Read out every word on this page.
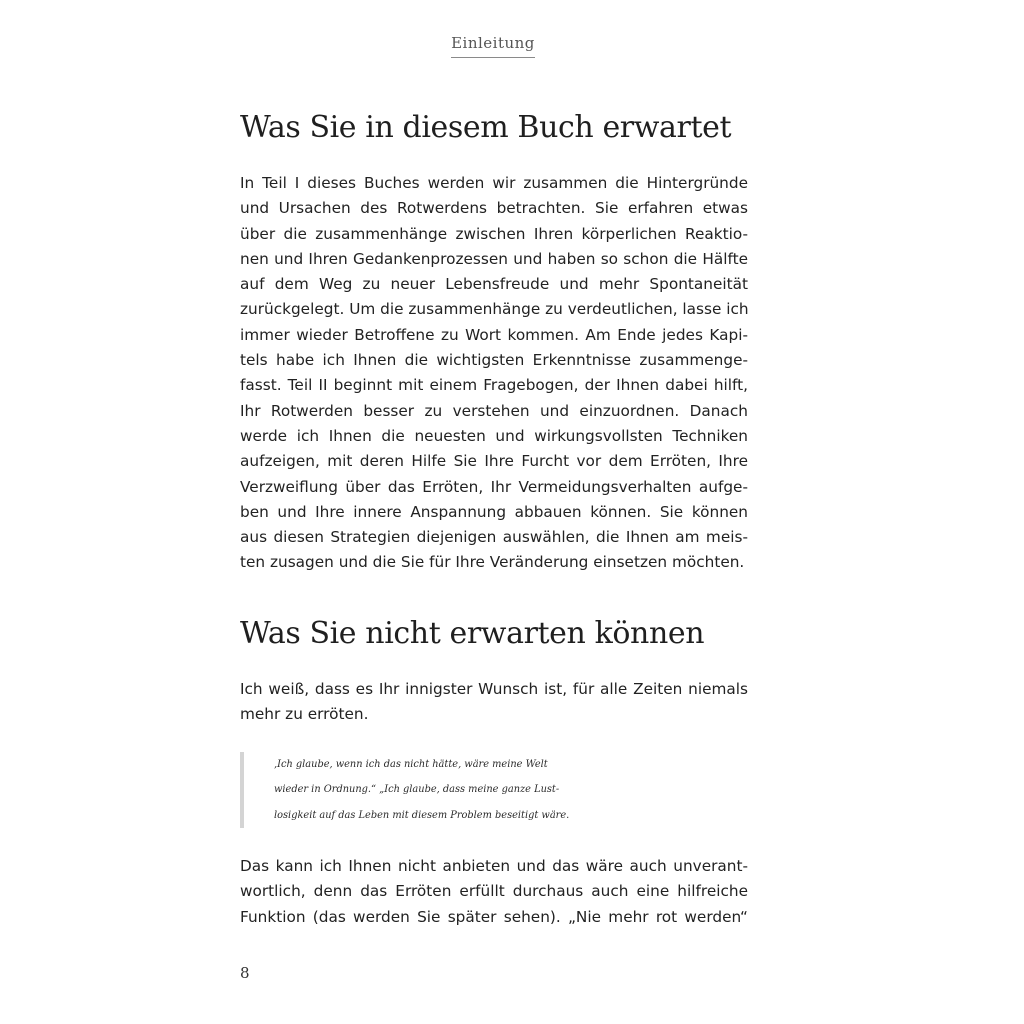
Einleitung
Was Sie in diesem Buch erwartet

In Teil I dieses Buches werden wir zusammen die Hintergründe
und Ursachen des Rotwerdens betrachten. Sie erfahren etwas
über die zusammenhänge zwischen Ihren körperlichen Reaktio-
nen und Ihren Gedankenprozessen und haben so schon die Hälfte
auf dem Weg zu neuer Lebensfreude und mehr Spontaneität
zurückgelegt. Um die zusammenhänge zu verdeutlichen, lasse ich
immer wieder Betroffene zu Wort kommen. Am Ende jedes Kapi-
tels habe ich Ihnen die wichtigsten Erkenntnisse zusammenge-
fasst. Teil II beginnt mit einem Fragebogen, der Ihnen dabei hilft,
Ihr Rotwerden besser zu verstehen und einzuordnen. Danach
werde ich Ihnen die neuesten und wirkungsvollsten Techniken
aufzeigen, mit deren Hilfe Sie Ihre Furcht vor dem Erröten, Ihre
Verzweiflung über das Erröten, Ihr Vermeidungsverhalten aufge-
ben und Ihre innere Anspannung abbauen können. Sie können
aus diesen Strategien diejenigen auswählen, die Ihnen am meis-
ten zusagen und die Sie für Ihre Veränderung einsetzen möchten.

Was Sie nicht erwarten können

Ich weiß, dass es Ihr innigster Wunsch ist, für alle Zeiten niemals
mehr zu erröten.

‚Ich glaube, wenn ich das nicht hätte, wäre meine Welt
wieder in Ordnung.“ „Ich glaube, dass meine ganze Lust-
losigkeit auf das Leben mit diesem Problem beseitigt wäre.

Das kann ich Ihnen nicht anbieten und das wäre auch unverant-
wortlich, denn das Erröten erfüllt durchaus auch eine hilfreiche
Funktion (das werden Sie später sehen). „Nie mehr rot werden“

8
